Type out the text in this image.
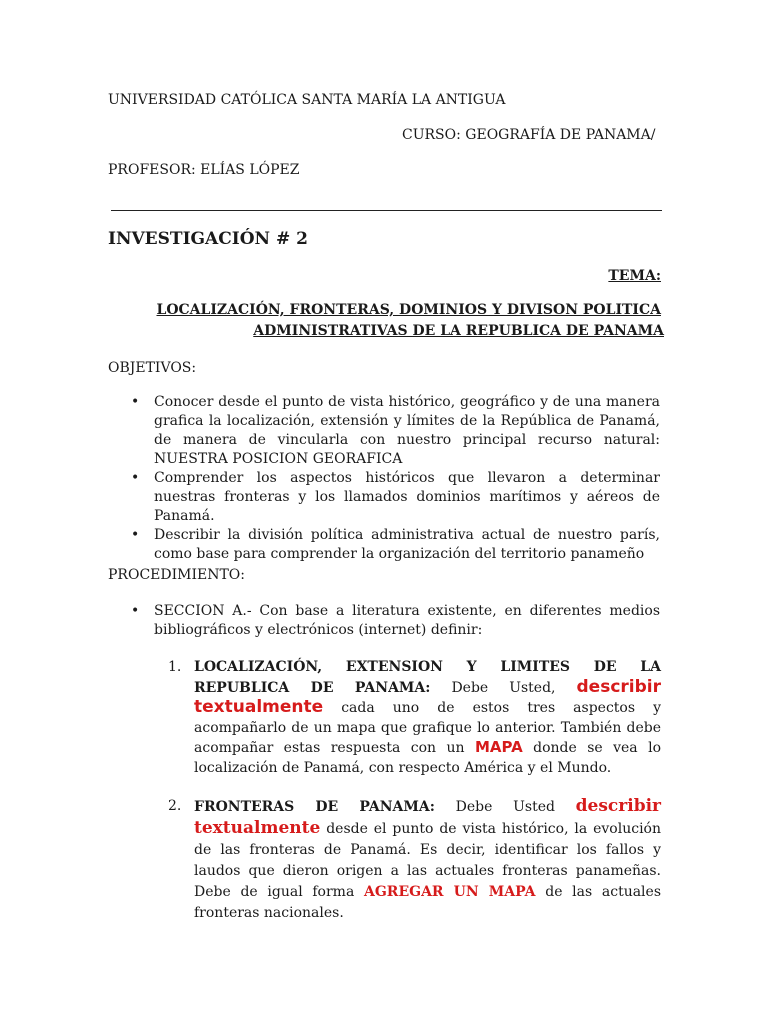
UNIVERSIDAD CATÓLICA SANTA MARÍA LA ANTIGUA
CURSO: GEOGRAFÍA DE PANAMA/
PROFESOR: ELÍAS LÓPEZ
INVESTIGACIÓN # 2
TEMA:
LOCALIZACIÓN, FRONTERAS, DOMINIOS Y DIVISON POLITICA
ADMINISTRATIVAS DE LA REPUBLICA DE PANAMA
OBJETIVOS:
• Conocer desde el punto de vista histórico, geográfico y de una manera grafica la localización, extensión y límites de la República de Panamá, de manera de vincularla con nuestro principal recurso natural: NUESTRA POSICION GEORAFICA
• Comprender los aspectos históricos que llevaron a determinar nuestras fronteras y los llamados dominios marítimos y aéreos de Panamá.
• Describir la división política administrativa actual de nuestro parís, como base para comprender la organización del territorio panameño
PROCEDIMIENTO:
• SECCION A.- Con base a literatura existente, en diferentes medios bibliográficos y electrónicos (internet) definir:
1. LOCALIZACIÓN, EXTENSION Y LIMITES DE LA REPUBLICA DE PANAMA: Debe Usted, describir textualmente cada uno de estos tres aspectos y acompañarlo de un mapa que grafique lo anterior. También debe acompañar estas respuesta con un MAPA donde se vea lo localización de Panamá, con respecto América y el Mundo.
2. FRONTERAS DE PANAMA: Debe Usted describir textualmente desde el punto de vista histórico, la evolución de las fronteras de Panamá. Es decir, identificar los fallos y laudos que dieron origen a las actuales fronteras panameñas. Debe de igual forma AGREGAR UN MAPA de las actuales fronteras nacionales.
